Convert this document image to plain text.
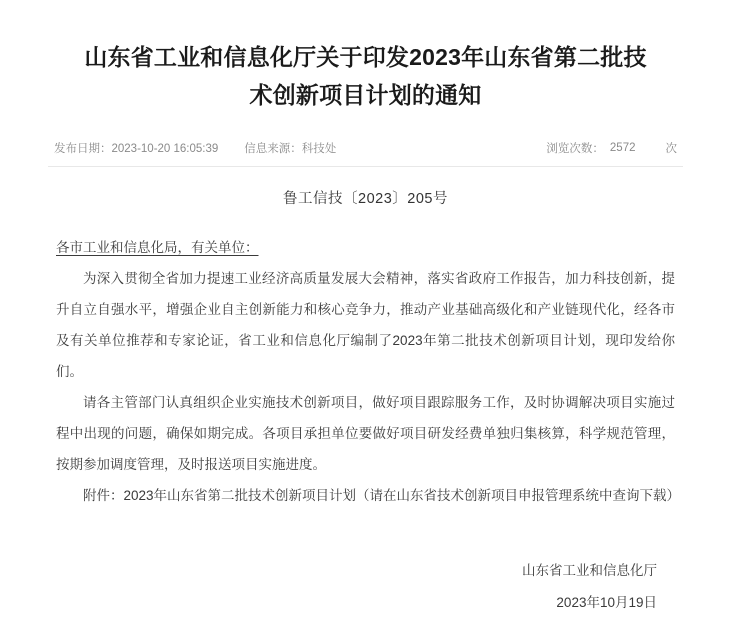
山东省工业和信息化厅关于印发2023年山东省第二批技术创新项目计划的通知
发布日期：2023-10-20 16:05:39 信息来源：科技处	浏览次数： 2572	次
鲁工信技〔2023〕205号

各市工业和信息化局，有关单位：

为深入贯彻全省加力提速工业经济高质量发展大会精神，落实省政府工作报告，加力科技创新，提升自立自强水平，增强企业自主创新能力和核心竞争力，推动产业基础高级化和产业链现代化，经各市及有关单位推荐和专家论证，省工业和信息化厅编制了2023年第二批技术创新项目计划，现印发给你们。

请各主管部门认真组织企业实施技术创新项目，做好项目跟踪服务工作，及时协调解决项目实施过程中出现的问题，确保如期完成。各项目承担单位要做好项目研发经费单独归集核算，科学规范管理，按期参加调度管理，及时报送项目实施进度。

附件：2023年山东省第二批技术创新项目计划（请在山东省技术创新项目申报管理系统中查询下载）

山东省工业和信息化厅
2023年10月19日
